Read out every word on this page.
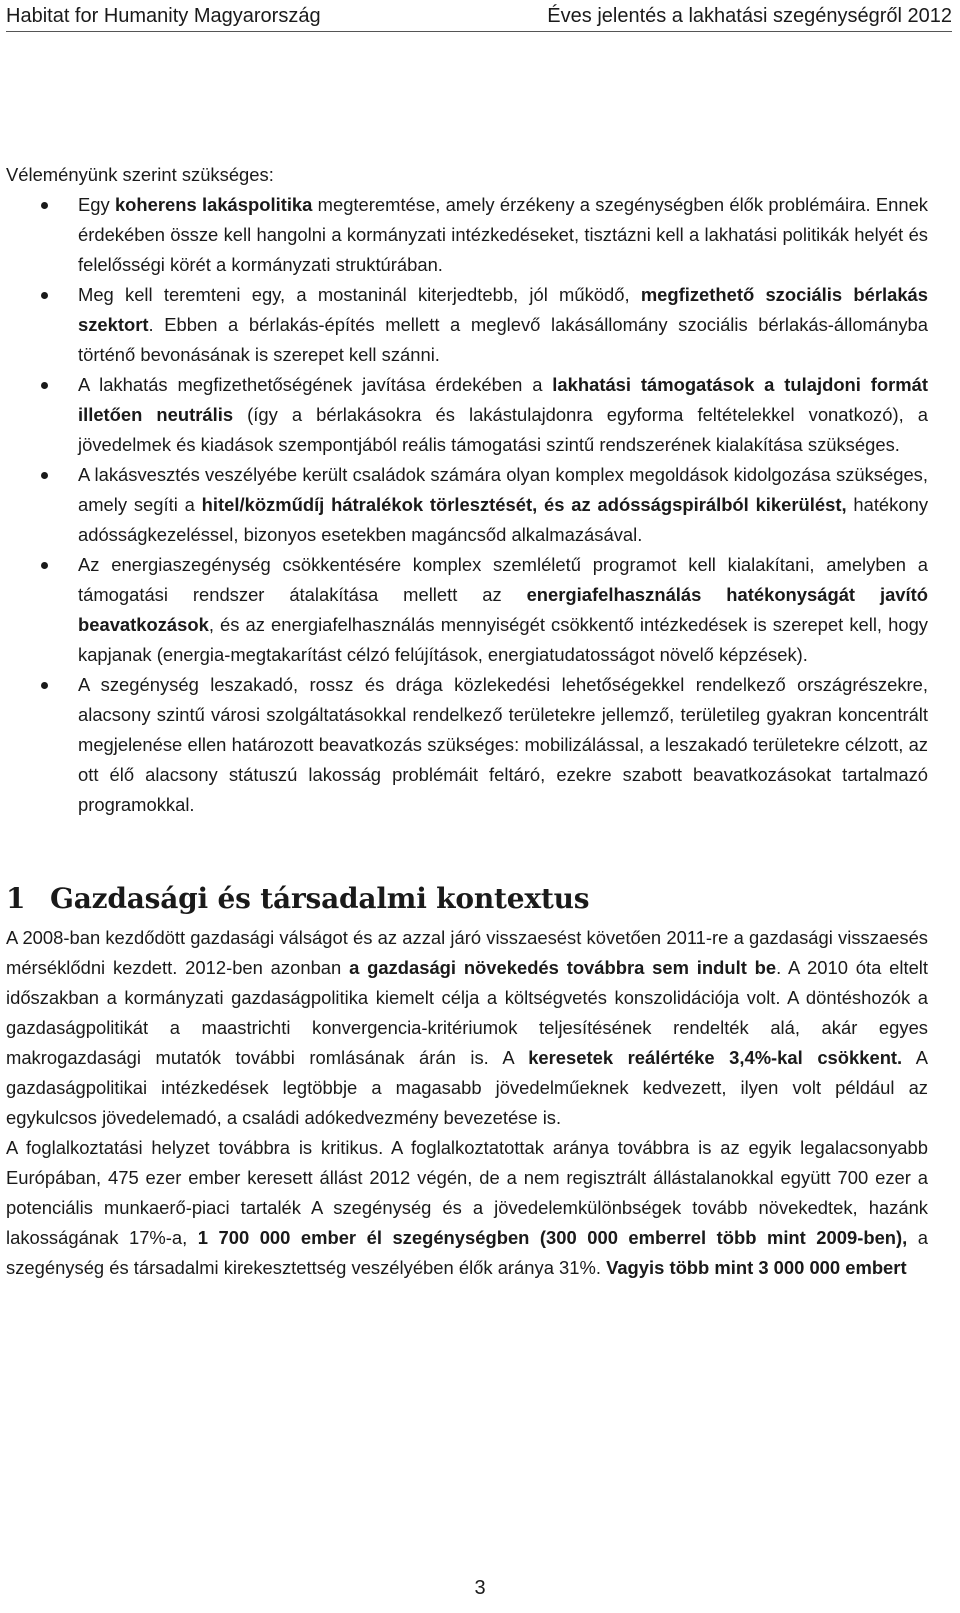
Habitat for Humanity Magyarország	Éves jelentés a lakhatási szegénységről 2012

Véleményünk szerint szükséges:

Egy koherens lakáspolitika megteremtése, amely érzékeny a szegénységben élők problémáira. Ennek érdekében össze kell hangolni a kormányzati intézkedéseket, tisztázni kell a lakhatási politikák helyét és felelősségi körét a kormányzati struktúrában.
Meg kell teremteni egy, a mostaninál kiterjedtebb, jól működő, megfizethető szociális bérlakás szektort. Ebben a bérlakás-építés mellett a meglevő lakásállomány szociális bérlakás-állományba történő bevonásának is szerepet kell szánni.
A lakhatás megfizethetőségének javítása érdekében a lakhatási támogatások a tulajdoni formát illetően neutrális (így a bérlakásokra és lakástulajdonra egyforma feltételekkel vonatkozó), a jövedelmek és kiadások szempontjából reális támogatási szintű rendszerének kialakítása szükséges.
A lakásvesztés veszélyébe került családok számára olyan komplex megoldások kidolgozása szükséges, amely segíti a hitel/közműdíj hátralékok törlesztését, és az adósságspirálból kikerülést, hatékony adósságkezeléssel, bizonyos esetekben magáncsőd alkalmazásával.
Az energiaszegénység csökkentésére komplex szemléletű programot kell kialakítani, amelyben a támogatási rendszer átalakítása mellett az energiafelhasználás hatékonyságát javító beavatkozások, és az energiafelhasználás mennyiségét csökkentő intézkedések is szerepet kell, hogy kapjanak (energia-megtakarítást célzó felújítások, energiatudatosságot növelő képzések).
A szegénység leszakadó, rossz és drága közlekedési lehetőségekkel rendelkező országrészekre, alacsony szintű városi szolgáltatásokkal rendelkező területekre jellemző, területileg gyakran koncentrált megjelenése ellen határozott beavatkozás szükséges: mobilizálással, a leszakadó területekre célzott, az ott élő alacsony státuszú lakosság problémáit feltáró, ezekre szabott beavatkozásokat tartalmazó programokkal.
1 Gazdasági és társadalmi kontextus

A 2008-ban kezdődött gazdasági válságot és az azzal járó visszaesést követően 2011-re a gazdasági visszaesés mérséklődni kezdett. 2012-ben azonban a gazdasági növekedés továbbra sem indult be. A 2010 óta eltelt időszakban a kormányzati gazdaságpolitika kiemelt célja a költségvetés konszolidációja volt. A döntéshozók a gazdaságpolitikát a maastrichti konvergencia-kritériumok teljesítésének rendelték alá, akár egyes makrogazdasági mutatók további romlásának árán is. A keresetek reálértéke 3,4%-kal csökkent. A gazdaságpolitikai intézkedések legtöbbje a magasabb jövedelműeknek kedvezett, ilyen volt például az egykulcsos jövedelemadó, a családi adókedvezmény bevezetése is.

A foglalkoztatási helyzet továbbra is kritikus. A foglalkoztatottak aránya továbbra is az egyik legalacsonyabb Európában, 475 ezer ember keresett állást 2012 végén, de a nem regisztrált állástalanokkal együtt 700 ezer a potenciális munkaerő-piaci tartalék A szegénység és a jövedelemkülönbségek tovább növekedtek, hazánk lakosságának 17%-a, 1 700 000 ember él szegénységben (300 000 emberrel több mint 2009-ben), a szegénység és társadalmi kirekesztettség veszélyében élők aránya 31%. Vagyis több mint 3 000 000 embert

3
